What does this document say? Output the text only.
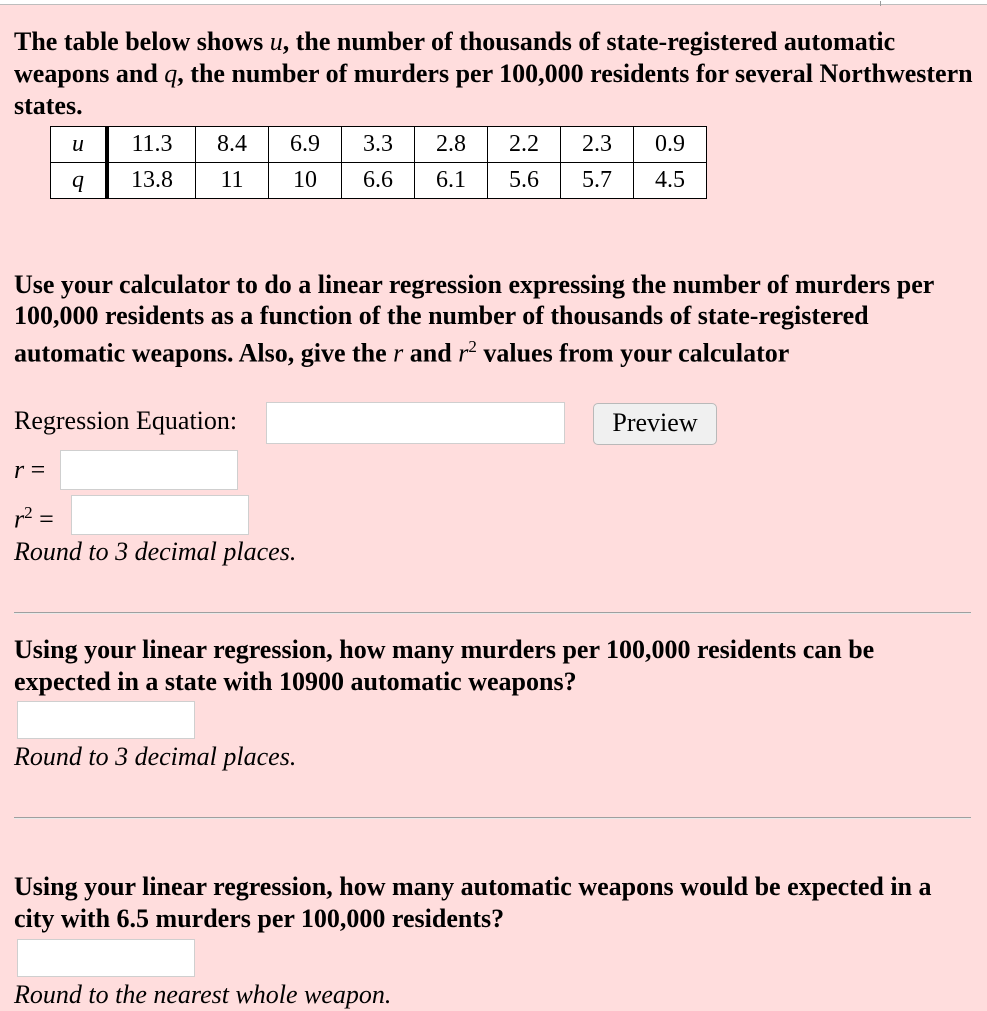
The table below shows u, the number of thousands of state-registered automatic weapons and q, the number of murders per 100,000 residents for several Northwestern states.
u	11.3	8.4	6.9	3.3	2.8	2.2	2.3	0.9
q	13.8	11	10	6.6	6.1	5.6	5.7	4.5
Use your calculator to do a linear regression expressing the number of murders per 100,000 residents as a function of the number of thousands of state-registered automatic weapons. Also, give the r and $r^2$ values from your calculator
Regression Equation:	Preview
r =
$r^2$ =
Round to 3 decimal places.
Using your linear regression, how many murders per 100,000 residents can be expected in a state with 10900 automatic weapons?
Round to 3 decimal places.
Using your linear regression, how many automatic weapons would be expected in a city with 6.5 murders per 100,000 residents?
Round to the nearest whole weapon.
